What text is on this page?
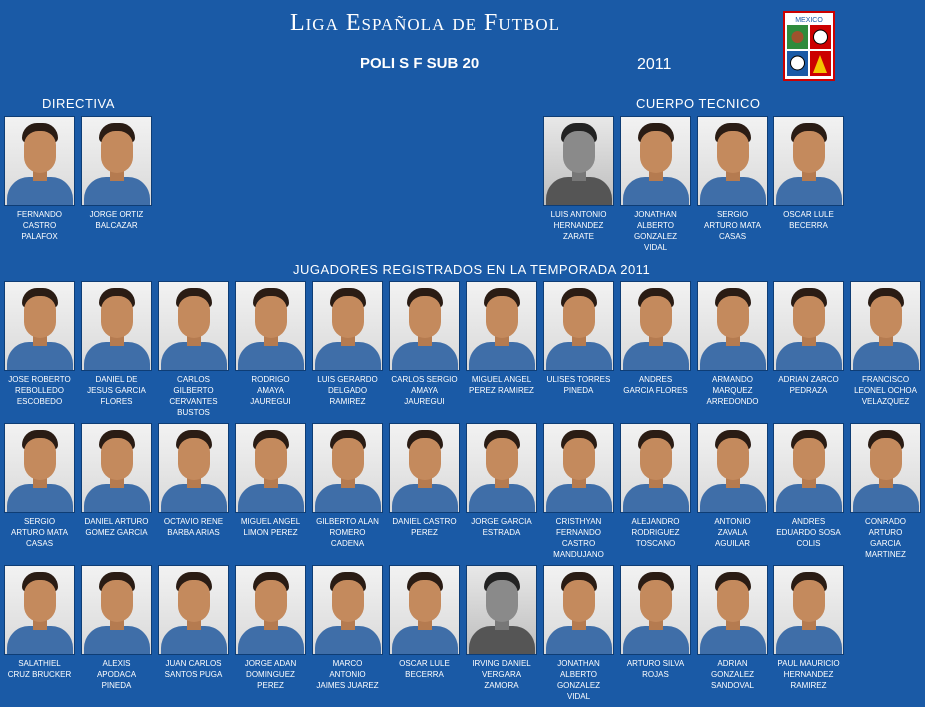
Liga Española de Futbol
POLI S F SUB 20	2011
MEXICO
DIRECTIVA	CUERPO TECNICO
JUGADORES REGISTRADOS EN LA TEMPORADA 2011
FERNANDO
CASTRO
PALAFOX
JORGE ORTIZ
BALCAZAR
LUIS ANTONIO
HERNANDEZ
ZARATE
JONATHAN
ALBERTO
GONZALEZ
VIDAL
SERGIO
ARTURO MATA
CASAS
OSCAR LULE
BECERRA
JOSE ROBERTO
REBOLLEDO
ESCOBEDO
DANIEL DE
JESUS GARCIA
FLORES
CARLOS
GILBERTO
CERVANTES
BUSTOS
RODRIGO
AMAYA
JAUREGUI
LUIS GERARDO
DELGADO
RAMIREZ
CARLOS SERGIO
AMAYA
JAUREGUI
MIGUEL ANGEL
PEREZ RAMIREZ
ULISES TORRES
PINEDA
ANDRES
GARCIA FLORES
ARMANDO
MARQUEZ
ARREDONDO
ADRIAN ZARCO
PEDRAZA
FRANCISCO
LEONEL OCHOA
VELAZQUEZ
SERGIO
ARTURO MATA
CASAS
DANIEL ARTURO
GOMEZ GARCIA
OCTAVIO RENE
BARBA ARIAS
MIGUEL ANGEL
LIMON PEREZ
GILBERTO ALAN
ROMERO
CADENA
DANIEL CASTRO
PEREZ
JORGE GARCIA
ESTRADA
CRISTHYAN
FERNANDO
CASTRO
MANDUJANO
ALEJANDRO
RODRIGUEZ
TOSCANO
ANTONIO
ZAVALA
AGUILAR
ANDRES
EDUARDO SOSA
COLIS
CONRADO
ARTURO
GARCIA
MARTINEZ
SALATHIEL
CRUZ BRUCKER
ALEXIS
APODACA
PINEDA
JUAN CARLOS
SANTOS PUGA
JORGE ADAN
DOMINGUEZ
PEREZ
MARCO
ANTONIO
JAIMES JUAREZ
OSCAR LULE
BECERRA
IRVING DANIEL
VERGARA
ZAMORA
JONATHAN
ALBERTO
GONZALEZ
VIDAL
ARTURO SILVA
ROJAS
ADRIAN
GONZALEZ
SANDOVAL
PAUL MAURICIO
HERNANDEZ
RAMIREZ
